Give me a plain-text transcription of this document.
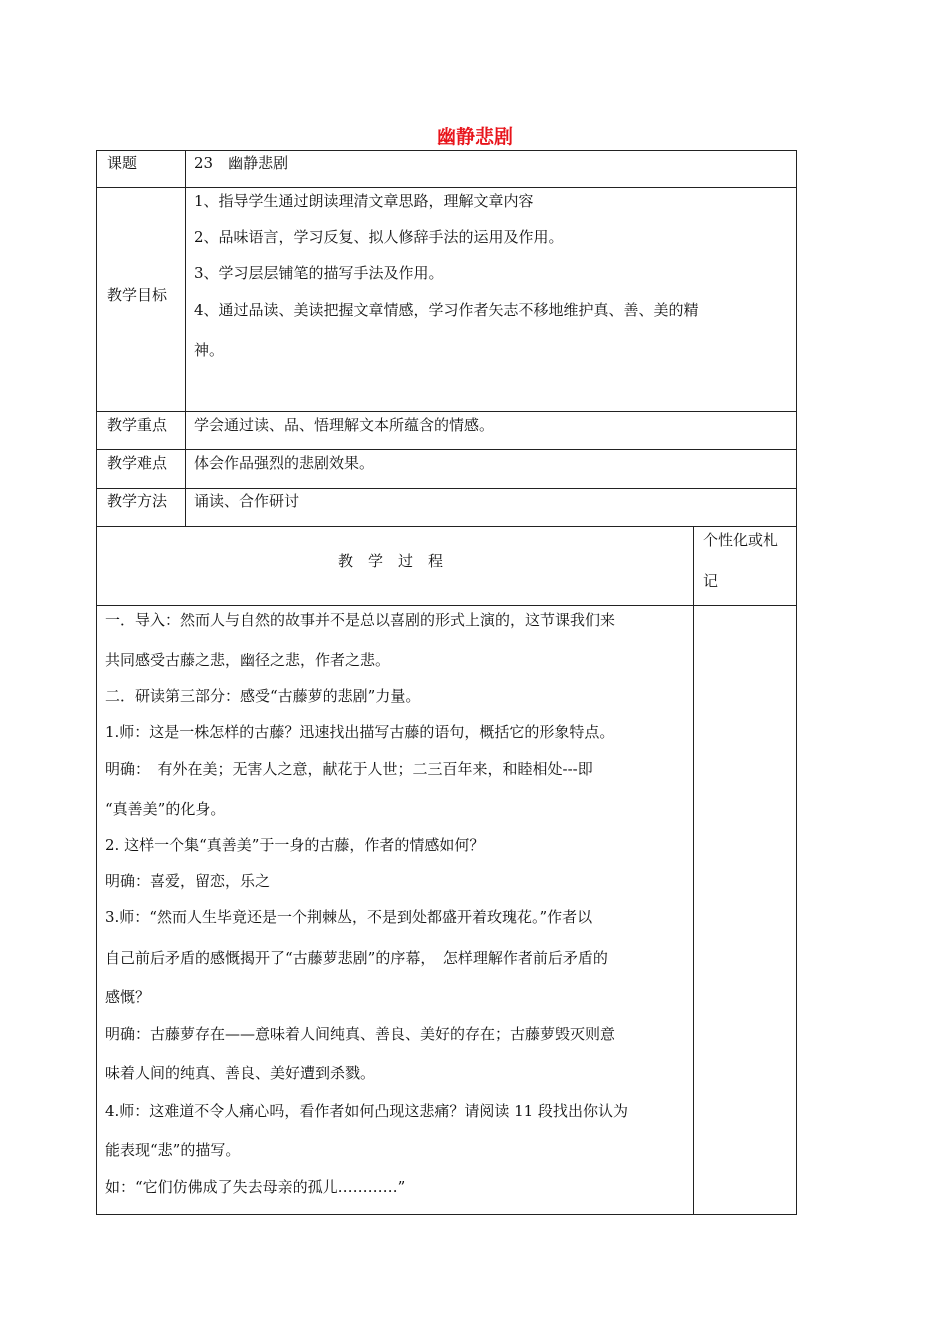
幽静悲剧
课题	23　幽静悲剧
教学目标
1、指导学生通过朗读理清文章思路，理解文章内容
2、品味语言，学习反复、拟人修辞手法的运用及作用。
3、学习层层铺笔的描写手法及作用。
4、通过品读、美读把握文章情感，学习作者矢志不移地维护真、善、美的精
神。
教学重点 学会通过读、品、悟理解文本所蕴含的情感。
教学难点 体会作品强烈的悲剧效果。
教学方法 诵读、合作研讨
教　学　过　程
个性化或札
记
一．导入：然而人与自然的故事并不是总以喜剧的形式上演的，这节课我们来
共同感受古藤之悲，幽径之悲，作者之悲。
二．研读第三部分：感受“古藤萝的悲剧”力量。
1.师：这是一株怎样的古藤？迅速找出描写古藤的语句，概括它的形象特点。
明确：　有外在美；无害人之意，献花于人世；二三百年来，和睦相处---即
“真善美”的化身。
2. 这样一个集“真善美”于一身的古藤，作者的情感如何？
明确：喜爱，留恋，乐之
3.师：“然而人生毕竟还是一个荆棘丛，不是到处都盛开着玫瑰花。”作者以
自己前后矛盾的感慨揭开了“古藤萝悲剧”的序幕，　怎样理解作者前后矛盾的
感慨？
明确：古藤萝存在——意味着人间纯真、善良、美好的存在；古藤萝毁灭则意
味着人间的纯真、善良、美好遭到杀戮。
4.师：这难道不令人痛心吗，看作者如何凸现这悲痛？请阅读 11 段找出你认为
能表现“悲”的描写。
如：“它们仿佛成了失去母亲的孤儿…………”
